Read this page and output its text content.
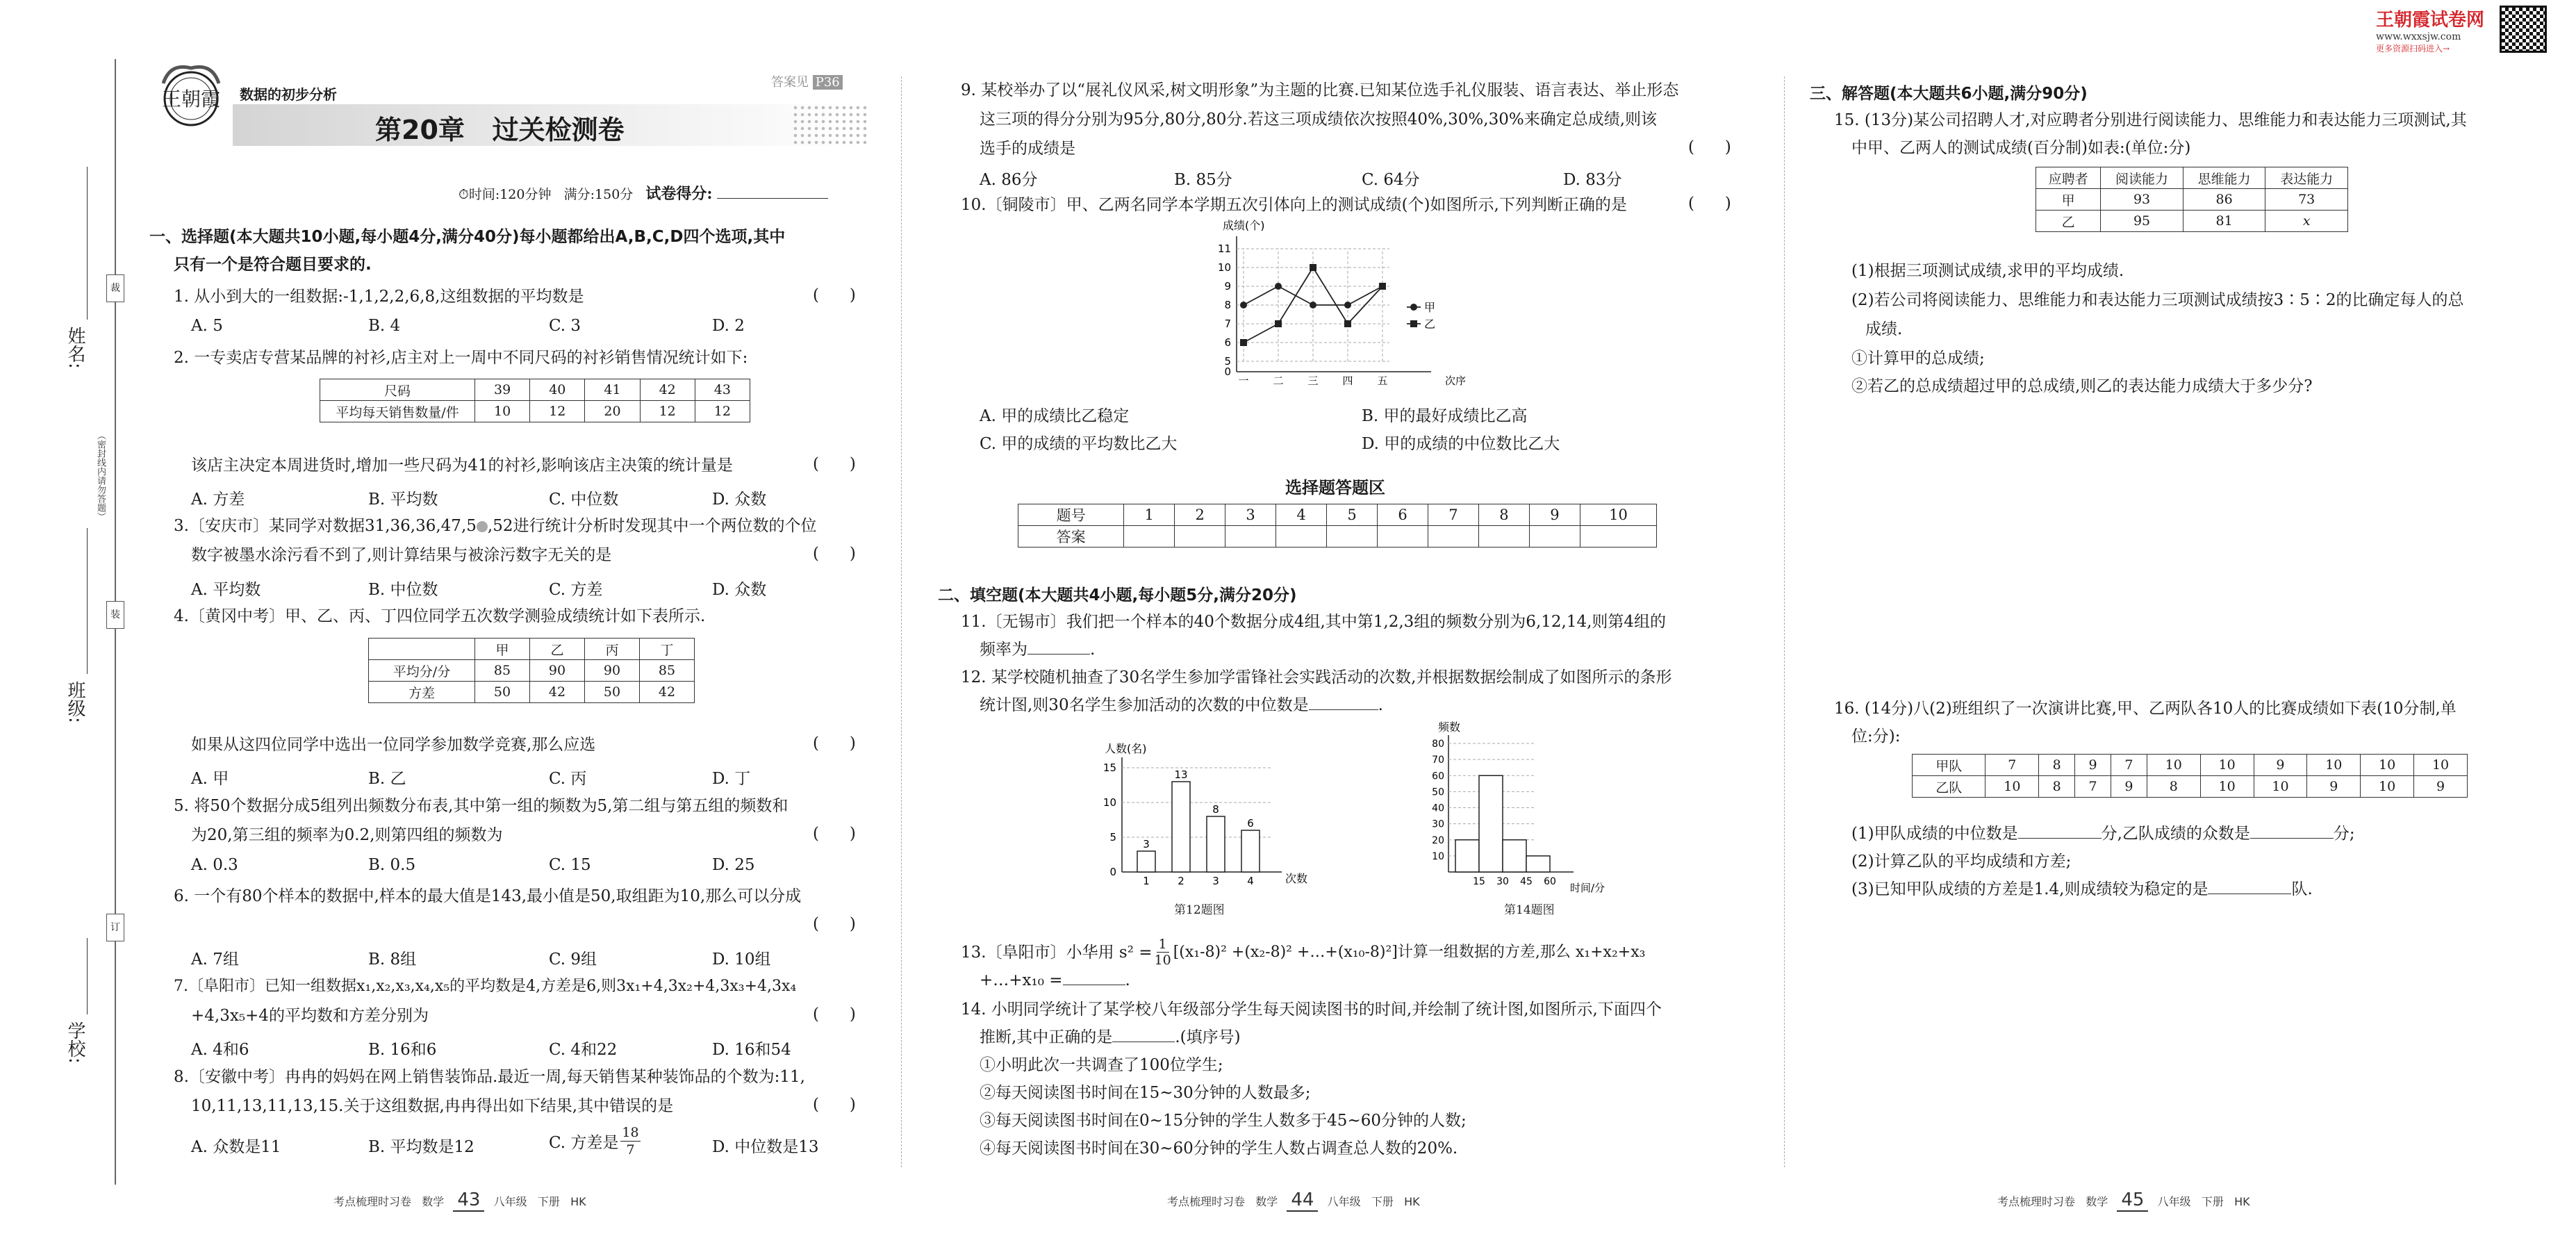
姓名:
班级:
学校:
（密封线内请勿答题）
裁
装
订
王朝霞 数据的初步分析
答案见 P36
第20章 过关检测卷
⏱时间:120分钟 满分:150分 试卷得分:
一、选择题(本大题共10小题,每小题4分,满分40分)每小题都给出A,B,C,D四个选项,其中
只有一个是符合题目要求的.
1. 从小到大的一组数据:-1,1,2,2,6,8,这组数据的平均数是	(      )
A. 5	B. 4	C. 3	D. 2
2. 一专卖店专营某品牌的衬衫,店主对上一周中不同尺码的衬衫销售情况统计如下:
尺码	39	40	41	42	43
平均每天销售数量/件	10	12	20	12	12
该店主决定本周进货时,增加一些尺码为41的衬衫,影响该店主决策的统计量是	(      )
A. 方差	B. 平均数	C. 中位数	D. 众数
3.〔安庆市〕某同学对数据31,36,36,47,5 ,52进行统计分析时发现其中一个两位数的个位
数字被墨水涂污看不到了,则计算结果与被涂污数字无关的是	(      )
A. 平均数	B. 中位数	C. 方差	D. 众数
4.〔黄冈中考〕甲、乙、丙、丁四位同学五次数学测验成绩统计如下表所示.
	甲	乙	丙	丁
平均分/分	85	90	90	85
方差	50	42	50	42
如果从这四位同学中选出一位同学参加数学竞赛,那么应选	(      )
A. 甲	B. 乙	C. 丙	D. 丁
5. 将50个数据分成5组列出频数分布表,其中第一组的频数为5,第二组与第五组的频数和
为20,第三组的频率为0.2,则第四组的频数为	(      )
A. 0.3	B. 0.5	C. 15	D. 25
6. 一个有80个样本的数据中,样本的最大值是143,最小值是50,取组距为10,那么可以分成
(      )
A. 7组	B. 8组	C. 9组	D. 10组
7.〔阜阳市〕已知一组数据x₁,x₂,x₃,x₄,x₅的平均数是4,方差是6,则3x₁+4,3x₂+4,3x₃+4,3x₄
+4,3x₅+4的平均数和方差分别为	(      )
A. 4和6	B. 16和6	C. 4和22	D. 16和54
8.〔安徽中考〕冉冉的妈妈在网上销售装饰品.最近一周,每天销售某种装饰品的个数为:11,
10,11,13,11,13,15.关于这组数据,冉冉得出如下结果,其中错误的是	(      )
A. 众数是11	B. 平均数是12	C. 方差是 $\frac{18}{7}$	D. 中位数是13
考点梳理时习卷 数学 43 八年级 下册 HK
9. 某校举办了以“展礼仪风采,树文明形象”为主题的比赛.已知某位选手礼仪服装、语言表达、举止形态
这三项的得分分别为95分,80分,80分.若这三项成绩依次按照40%,30%,30%来确定总成绩,则该
选手的成绩是	(      )
A. 86分	B. 85分	C. 64分	D. 83分
10.〔铜陵市〕甲、乙两名同学本学期五次引体向上的测试成绩(个)如图所示,下列判断正确的是	(      )
成绩(个)
次序
0
5
6
7
8
9
10
11
一 二 三 四 五
甲
乙
A. 甲的成绩比乙稳定	B. 甲的最好成绩比乙高
C. 甲的成绩的平均数比乙大	D. 甲的成绩的中位数比乙大
选择题答题区
题号	1	2	3	4	5	6	7	8	9	10
答案										
二、填空题(本大题共4小题,每小题5分,满分20分)
11.〔无锡市〕我们把一个样本的40个数据分成4组,其中第1,2,3组的频数分别为6,12,14,则第4组的
频率为	.
12. 某学校随机抽查了30名学生参加学雷锋社会实践活动的次数,并根据数据绘制成了如图所示的条形
统计图,则30名学生参加活动的次数的中位数是	.
人数(名)
次数
0
5
10
15
3
1
13
2
8
3
6
4
第12题图
频数
时间/分
10
20
30
40
50
60
70
80
15 30 45 60
第14题图
13.〔阜阳市〕小华用 $s^2 = \frac{1}{10} [(x_1-8)^2 +(x_2-8)^2$ +…+(x₁₀-8)²]计算一组数据的方差,那么 x₁+x₂+x₃
+…+x₁₀ =	.
14. 小明同学统计了某学校八年级部分学生每天阅读图书的时间,并绘制了统计图,如图所示,下面四个
推断,其中正确的是	.(填序号)
①小明此次一共调查了100位学生;
②每天阅读图书时间在15~30分钟的人数最多;
③每天阅读图书时间在0~15分钟的学生人数多于45~60分钟的人数;
④每天阅读图书时间在30~60分钟的学生人数占调查总人数的20%.
考点梳理时习卷 数学 44 八年级 下册 HK
王朝霞试卷网
www.wxxsjw.com
更多资源扫码进入→
三、解答题(本大题共6小题,满分90分)
15. (13分)某公司招聘人才,对应聘者分别进行阅读能力、思维能力和表达能力三项测试,其
中甲、乙两人的测试成绩(百分制)如表:(单位:分)
应聘者	阅读能力	思维能力	表达能力
甲	93	86	73
乙	95	81	x
(1)根据三项测试成绩,求甲的平均成绩.
(2)若公司将阅读能力、思维能力和表达能力三项测试成绩按3∶5∶2的比确定每人的总
成绩.
①计算甲的总成绩;
②若乙的总成绩超过甲的总成绩,则乙的表达能力成绩大于多少分?
16. (14分)八(2)班组织了一次演讲比赛,甲、乙两队各10人的比赛成绩如下表(10分制,单
位:分):
甲队	7	8	9	7	10	10	9	10	10	10
乙队	10	8	7	9	8	10	10	9	10	9
(1)甲队成绩的中位数是	分,乙队成绩的众数是	分;
(2)计算乙队的平均成绩和方差;
(3)已知甲队成绩的方差是1.4,则成绩较为稳定的是	队.
考点梳理时习卷 数学 45 八年级 下册 HK
